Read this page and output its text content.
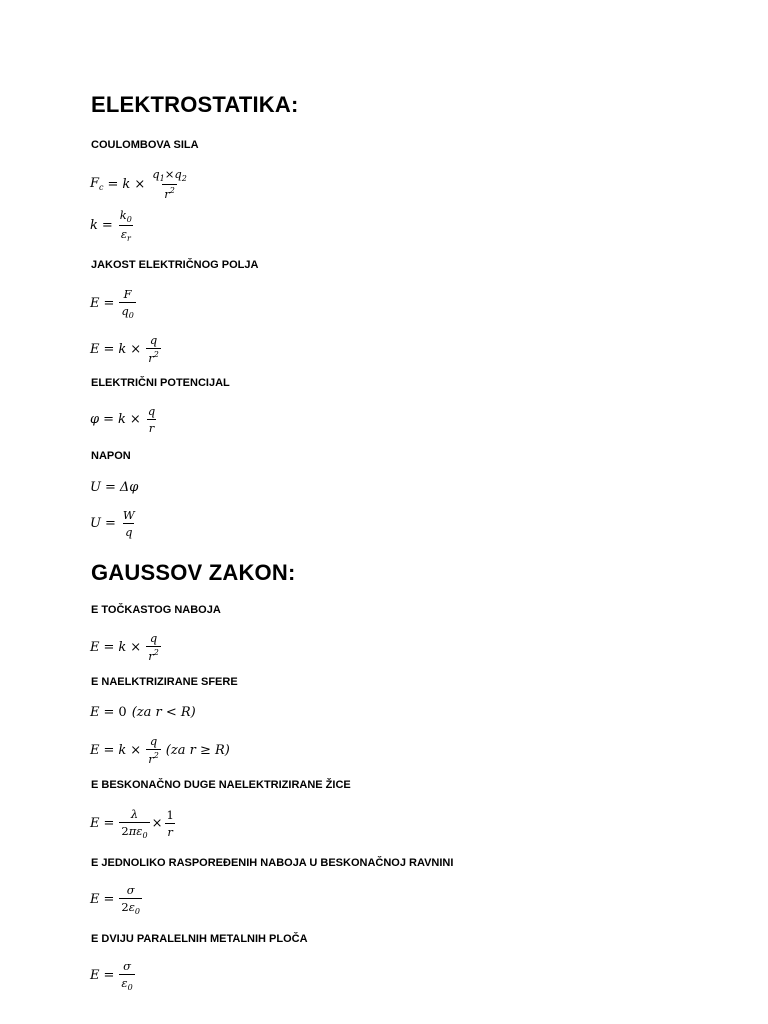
ELEKTROSTATIKA:
COULOMBOVA SILA
$F_c = k \times \frac{q_1\times q_2}{r^2}$
$k = \frac{k_0}{\varepsilon_r}$
JAKOST ELEKTRIČNOG POLJA
$E = \frac{F}{q_0}$
$E = k \times \frac{q}{r^2}$
ELEKTRIČNI POTENCIJAL
$\varphi = k \times \frac{q}{r}$
NAPON
U = Δφ
$U = \frac{W}{q}$
GAUSSOV ZAKON:
E TOČKASTOG NABOJA
$E = k \times \frac{q}{r^2}$
E NAELKTRIZIRANE SFERE
E = 0 (za r < R)
$E = k \times \frac{q}{r^2} (za$ r ≥ R)
E BESKONAČNO DUGE NAELEKTRIZIRANE ŽICE
$E = \frac{\lambda}{2\pi\varepsilon_0} \times \frac{1}{r}$
E JEDNOLIKO RASPOREĐENIH NABOJA U BESKONAČNOJ RAVNINI
$E = \frac{\sigma}{2\varepsilon_0}$
E DVIJU PARALELNIH METALNIH PLOČA
$E = \frac{\sigma}{\varepsilon_0}$
